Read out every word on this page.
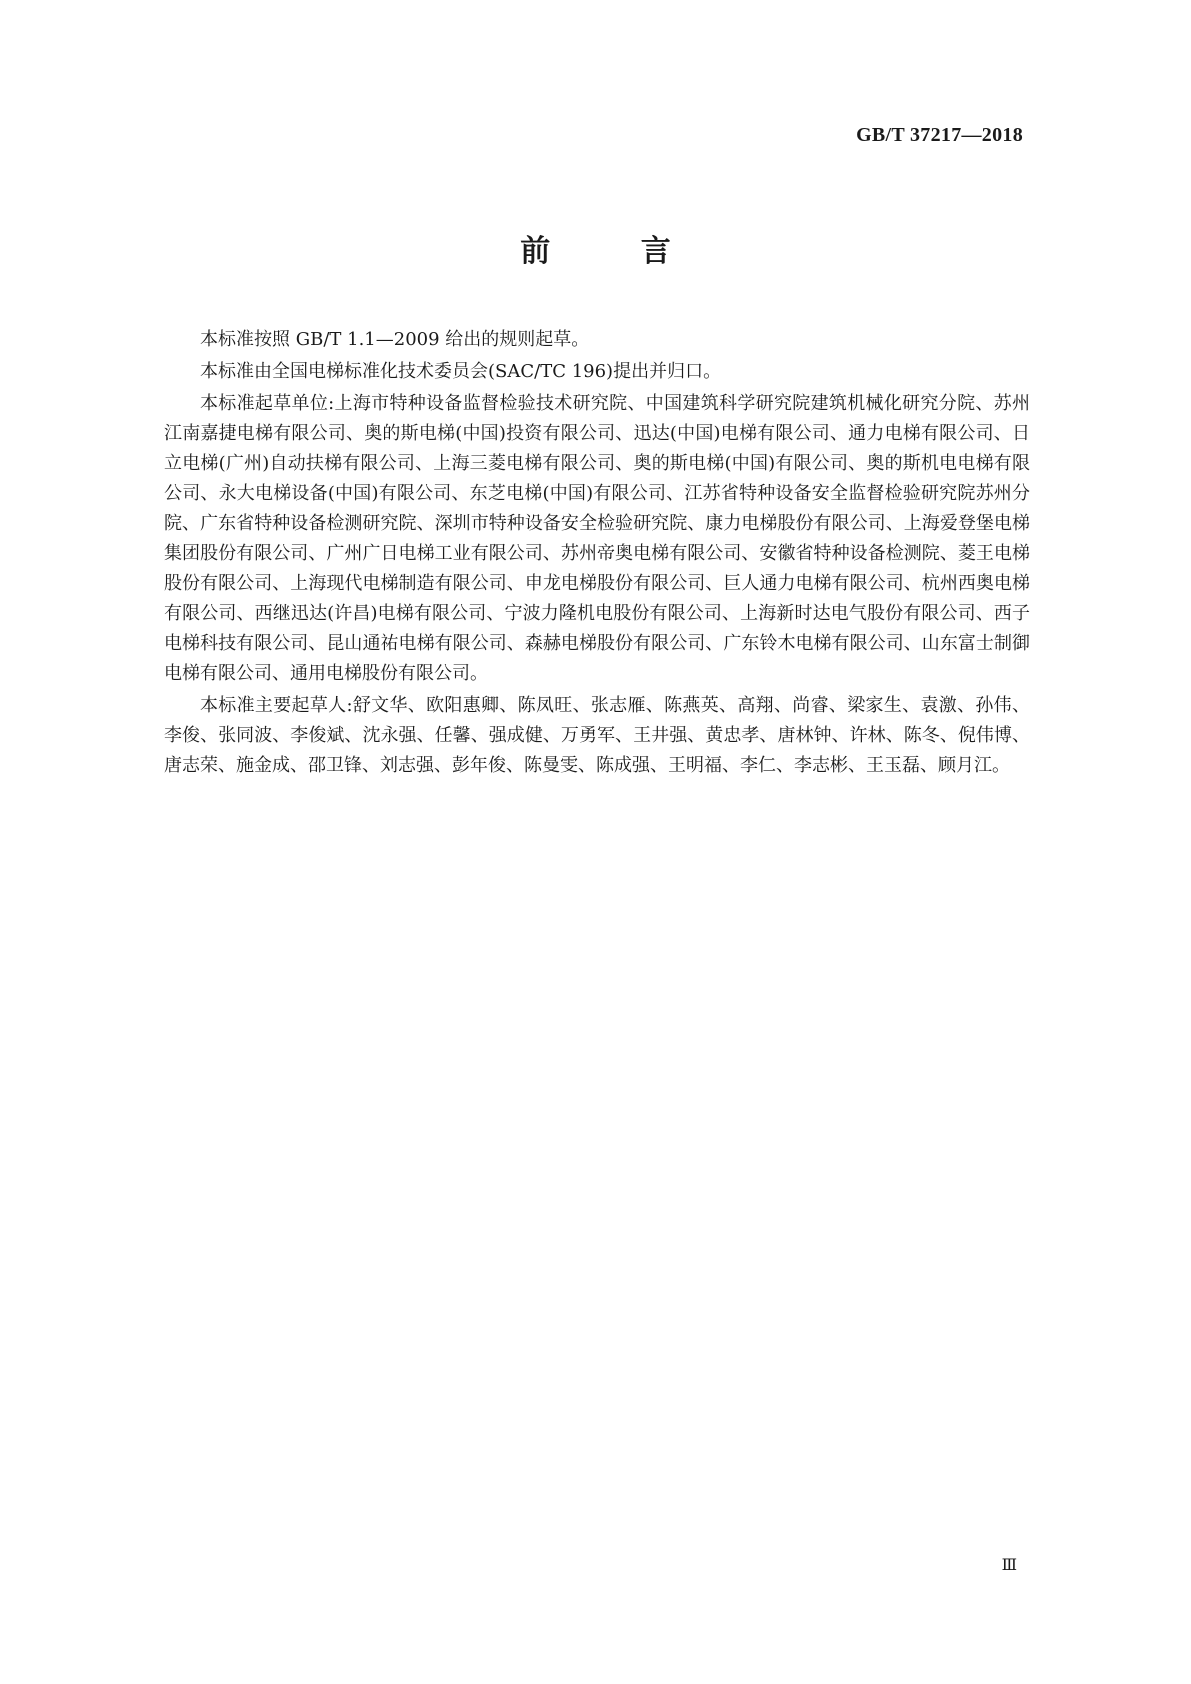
GB/T 37217—2018
前 言

本标准按照 GB/T 1.1—2009 给出的规则起草。

本标准由全国电梯标准化技术委员会(SAC/TC 196)提出并归口。

本标准起草单位:上海市特种设备监督检验技术研究院、中国建筑科学研究院建筑机械化研究分院、苏州江南嘉捷电梯有限公司、奥的斯电梯(中国)投资有限公司、迅达(中国)电梯有限公司、通力电梯有限公司、日立电梯(广州)自动扶梯有限公司、上海三菱电梯有限公司、奥的斯电梯(中国)有限公司、奥的斯机电电梯有限公司、永大电梯设备(中国)有限公司、东芝电梯(中国)有限公司、江苏省特种设备安全监督检验研究院苏州分院、广东省特种设备检测研究院、深圳市特种设备安全检验研究院、康力电梯股份有限公司、上海爱登堡电梯集团股份有限公司、广州广日电梯工业有限公司、苏州帝奥电梯有限公司、安徽省特种设备检测院、菱王电梯股份有限公司、上海现代电梯制造有限公司、申龙电梯股份有限公司、巨人通力电梯有限公司、杭州西奥电梯有限公司、西继迅达(许昌)电梯有限公司、宁波力隆机电股份有限公司、上海新时达电气股份有限公司、西子电梯科技有限公司、昆山通祐电梯有限公司、森赫电梯股份有限公司、广东铃木电梯有限公司、山东富士制御电梯有限公司、通用电梯股份有限公司。

本标准主要起草人:舒文华、欧阳惠卿、陈凤旺、张志雁、陈燕英、高翔、尚睿、梁家生、袁激、孙伟、李俊、张同波、李俊斌、沈永强、任馨、强成健、万勇军、王井强、黄忠孝、唐林钟、许林、陈冬、倪伟博、唐志荣、施金成、邵卫锋、刘志强、彭年俊、陈曼雯、陈成强、王明福、李仁、李志彬、王玉磊、顾月江。

Ⅲ
